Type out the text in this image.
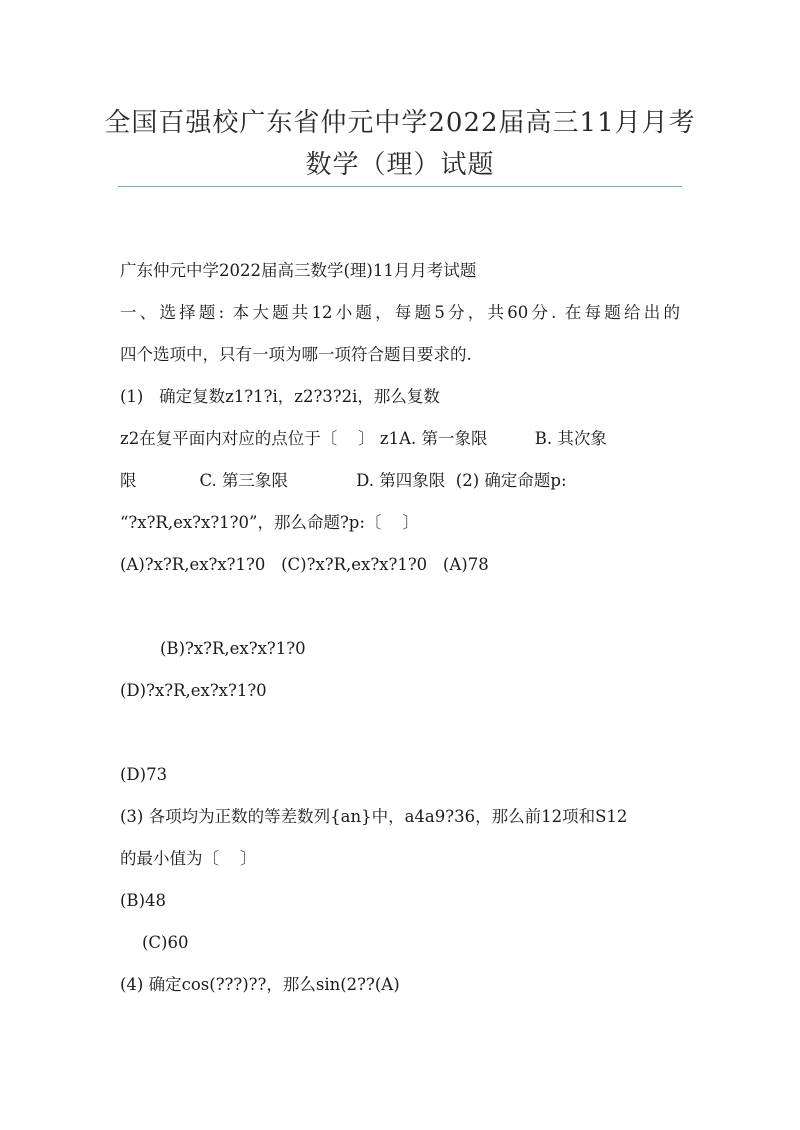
全国百强校广东省仲元中学2022届高三11月月考
数学（理）试题
广东仲元中学2022届高三数学(理)11月月考试题
一、选择题: 本大题共12小题，每题5分，共60分. 在每题给出的
四个选项中，只有一项为哪一项符合题目要求的.
(1)   确定复数z1?1?i，z2?3?2i，那么复数
z2在复平面内对应的点位于〔    〕 z1A. 第一象限         B. 其次象
限            C. 第三象限             D. 第四象限  (2) 确定命题p:
“?x?R,ex?x?1?0”，那么命题?p:〔    〕
(A)?x?R,ex?x?1?0   (C)?x?R,ex?x?1?0   (A)78
(B)?x?R,ex?x?1?0
(D)?x?R,ex?x?1?0
(D)73
(3) 各项均为正数的等差数列{an}中，a4a9?36，那么前12项和S12
的最小值为〔    〕
(B)48
(C)60
(4) 确定cos(???)??，那么sin(2??(A)
